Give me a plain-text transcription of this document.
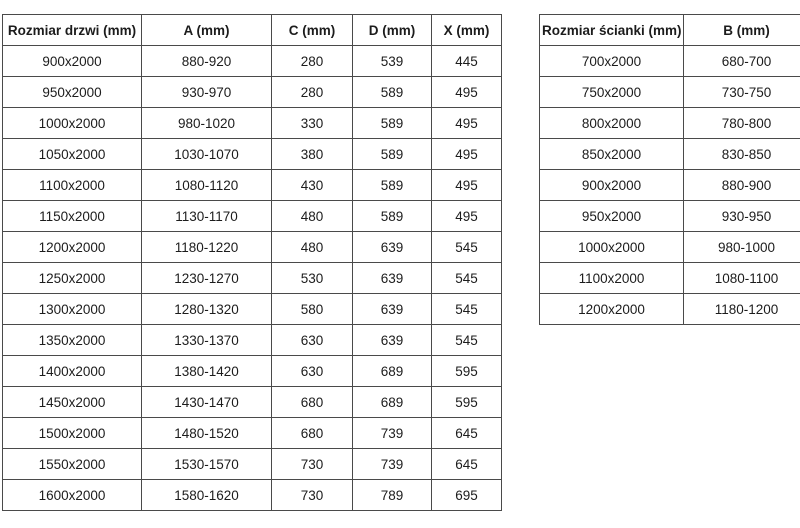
Rozmiar drzwi (mm)	A (mm)	C (mm)	D (mm)	X (mm)
900x2000	880-920	280	539	445
950x2000	930-970	280	589	495
1000x2000	980-1020	330	589	495
1050x2000	1030-1070	380	589	495
1100x2000	1080-1120	430	589	495
1150x2000	1130-1170	480	589	495
1200x2000	1180-1220	480	639	545
1250x2000	1230-1270	530	639	545
1300x2000	1280-1320	580	639	545
1350x2000	1330-1370	630	639	545
1400x2000	1380-1420	630	689	595
1450x2000	1430-1470	680	689	595
1500x2000	1480-1520	680	739	645
1550x2000	1530-1570	730	739	645
1600x2000	1580-1620	730	789	695
Rozmiar ścianki (mm)	B (mm)
700x2000	680-700
750x2000	730-750
800x2000	780-800
850x2000	830-850
900x2000	880-900
950x2000	930-950
1000x2000	980-1000
1100x2000	1080-1100
1200x2000	1180-1200
